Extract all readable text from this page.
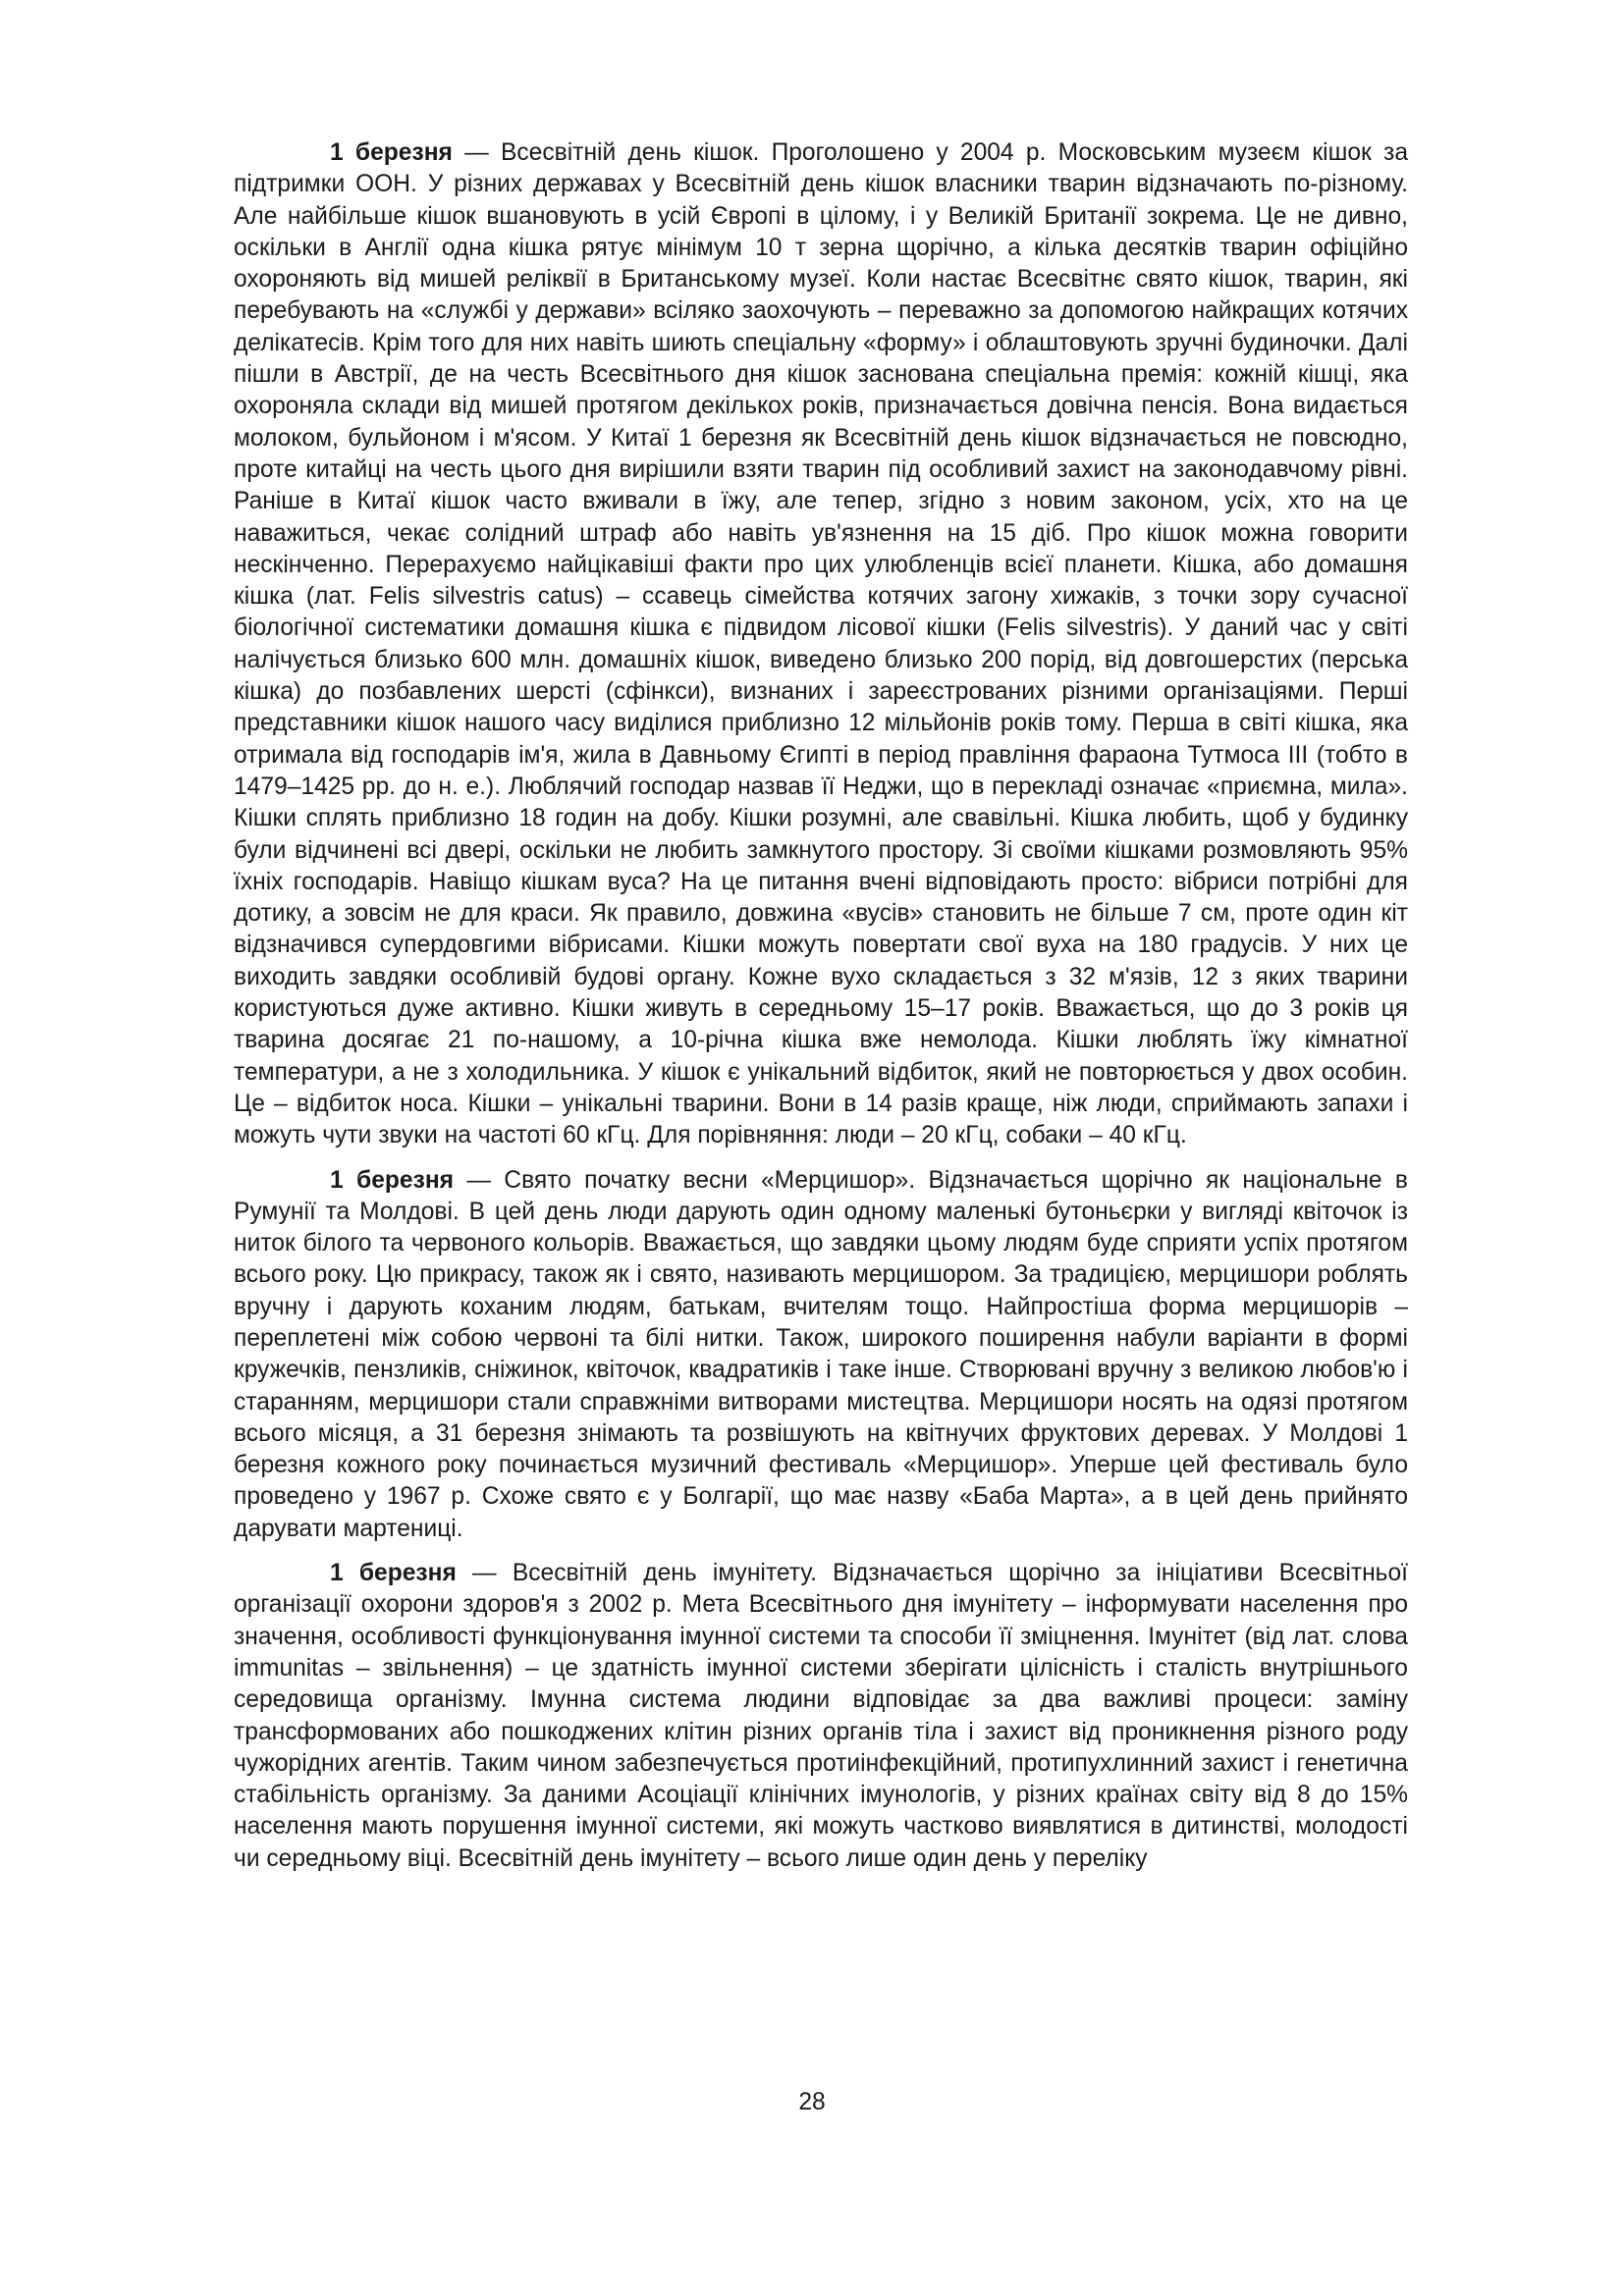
1 березня — Всесвітній день кішок. Проголошено у 2004 р. Московським музеєм кішок за підтримки ООН. У різних державах у Всесвітній день кішок власники тварин відзначають по-різному. Але найбільше кішок вшановують в усій Європі в цілому, і у Великій Британії зокрема. Це не дивно, оскільки в Англії одна кішка рятує мінімум 10 т зерна щорічно, а кілька десятків тварин офіційно охороняють від мишей реліквії в Британському музеї. Коли настає Всесвітнє свято кішок, тварин, які перебувають на «службі у держави» всіляко заохочують – переважно за допомогою найкращих котячих делікатесів. Крім того для них навіть шиють спеціальну «форму» і облаштовують зручні будиночки. Далі пішли в Австрії, де на честь Всесвітнього дня кішок заснована спеціальна премія: кожній кішці, яка охороняла склади від мишей протягом декількох років, призначається довічна пенсія. Вона видається молоком, бульйоном і м'ясом. У Китаї 1 березня як Всесвітній день кішок відзначається не повсюдно, проте китайці на честь цього дня вирішили взяти тварин під особливий захист на законодавчому рівні. Раніше в Китаї кішок часто вживали в їжу, але тепер, згідно з новим законом, усіх, хто на це наважиться, чекає солідний штраф або навіть ув'язнення на 15 діб. Про кішок можна говорити нескінченно. Перерахуємо найцікавіші факти про цих улюбленців всієї планети. Кішка, або домашня кішка (лат. Felis silvestris catus) – ссавець сімейства котячих загону хижаків, з точки зору сучасної біологічної систематики домашня кішка є підвидом лісової кішки (Felis silvestris). У даний час у світі налічується близько 600 млн. домашніх кішок, виведено близько 200 порід, від довгошерстих (перська кішка) до позбавлених шерсті (сфінкси), визнаних і зареєстрованих різними організаціями. Перші представники кішок нашого часу виділися приблизно 12 мільйонів років тому. Перша в світі кішка, яка отримала від господарів ім'я, жила в Давньому Єгипті в період правління фараона Тутмоса III (тобто в 1479–1425 рр. до н. е.). Люблячий господар назвав її Неджи, що в перекладі означає «приємна, мила». Кішки сплять приблизно 18 годин на добу. Кішки розумні, але свавільні. Кішка любить, щоб у будинку були відчинені всі двері, оскільки не любить замкнутого простору. Зі своїми кішками розмовляють 95% їхніх господарів. Навіщо кішкам вуса? На це питання вчені відповідають просто: вібриси потрібні для дотику, а зовсім не для краси. Як правило, довжина «вусів» становить не більше 7 см, проте один кіт відзначився супердовгими вібрисами. Кішки можуть повертати свої вуха на 180 градусів. У них це виходить завдяки особливій будові органу. Кожне вухо складається з 32 м'язів, 12 з яких тварини користуються дуже активно. Кішки живуть в середньому 15–17 років. Вважається, що до 3 років ця тварина досягає 21 по-нашому, а 10-річна кішка вже немолода. Кішки люблять їжу кімнатної температури, а не з холодильника. У кішок є унікальний відбиток, який не повторюється у двох особин. Це – відбиток носа. Кішки – унікальні тварини. Вони в 14 разів краще, ніж люди, сприймають запахи і можуть чути звуки на частоті 60 кГц. Для порівняння: люди – 20 кГц, собаки – 40 кГц.

1 березня — Свято початку весни «Мерцишор». Відзначається щорічно як національне в Румунії та Молдові. В цей день люди дарують один одному маленькі бутоньєрки у вигляді квіточок із ниток білого та червоного кольорів. Вважається, що завдяки цьому людям буде сприяти успіх протягом всього року. Цю прикрасу, також як і свято, називають мерцишором. За традицією, мерцишори роблять вручну і дарують коханим людям, батькам, вчителям тощо. Найпростіша форма мерцишорів – переплетені між собою червоні та білі нитки. Також, широкого поширення набули варіанти в формі кружечків, пензликів, сніжинок, квіточок, квадратиків і таке інше. Створювані вручну з великою любов'ю і старанням, мерцишори стали справжніми витворами мистецтва. Мерцишори носять на одязі протягом всього місяця, а 31 березня знімають та розвішують на квітнучих фруктових деревах. У Молдові 1 березня кожного року починається музичний фестиваль «Мерцишор». Уперше цей фестиваль було проведено у 1967 р. Схоже свято є у Болгарії, що має назву «Баба Марта», а в цей день прийнято дарувати мартениці.

1 березня — Всесвітній день імунітету. Відзначається щорічно за ініціативи Всесвітньої організації охорони здоров'я з 2002 р. Мета Всесвітнього дня імунітету – інформувати населення про значення, особливості функціонування імунної системи та способи її зміцнення. Імунітет (від лат. слова immunitas – звільнення) – це здатність імунної системи зберігати цілісність і сталість внутрішнього середовища організму. Імунна система людини відповідає за два важливі процеси: заміну трансформованих або пошкоджених клітин різних органів тіла і захист від проникнення різного роду чужорідних агентів. Таким чином забезпечується протиінфекційний, протипухлинний захист і генетична стабільність організму. За даними Асоціації клінічних імунологів, у різних країнах світу від 8 до 15% населення мають порушення імунної системи, які можуть частково виявлятися в дитинстві, молодості чи середньому віці. Всесвітній день імунітету – всього лише один день у переліку

28
